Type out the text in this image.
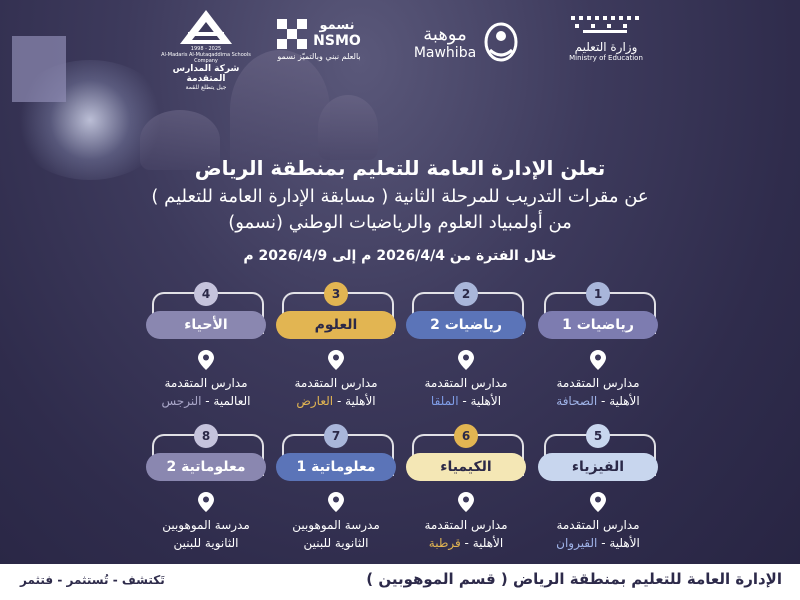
1998 - 2025
Al-Madaris Al-Mutaqaddima Schools Company
شركة المدارس المتقدمة
جيل يتطلع للقمة
نسمو
NSMO
بالعلم نبني وبالتميّز نسمو
موهبة
Mawhiba	وزارة التعليم
Ministry of Education
تعلن الإدارة العامة للتعليم بمنطقة الرياض
عن مقرات التدريب للمرحلة الثانية ( مسابقة الإدارة العامة للتعليم )
من أولمبياد العلوم والرياضيات الوطني (نسمو)
خلال الفترة من 2026/4/4 م إلى 2026/4/9 م
1
رياضيات 1
مدارس المتقدمة
الأهلية - الصحافة
2
رياضيات 2
مدارس المتقدمة
الأهلية - الملقا
3
العلوم
مدارس المتقدمة
الأهلية - العارض
4
الأحياء
مدارس المتقدمة
العالمية - النرجس
5
الفيزياء
مدارس المتقدمة
الأهلية - القيروان
6
الكيمياء
مدارس المتقدمة
الأهلية - قرطبة
7
معلوماتية 1
مدرسة الموهوبين
الثانوية للبنين
8
معلوماتية 2
مدرسة الموهوبين
الثانوية للبنين
الإدارة العامة للتعليم بمنطقة الرياض ( قسم الموهوبين )
تَكتشف - تُستثمر - فتثمر
